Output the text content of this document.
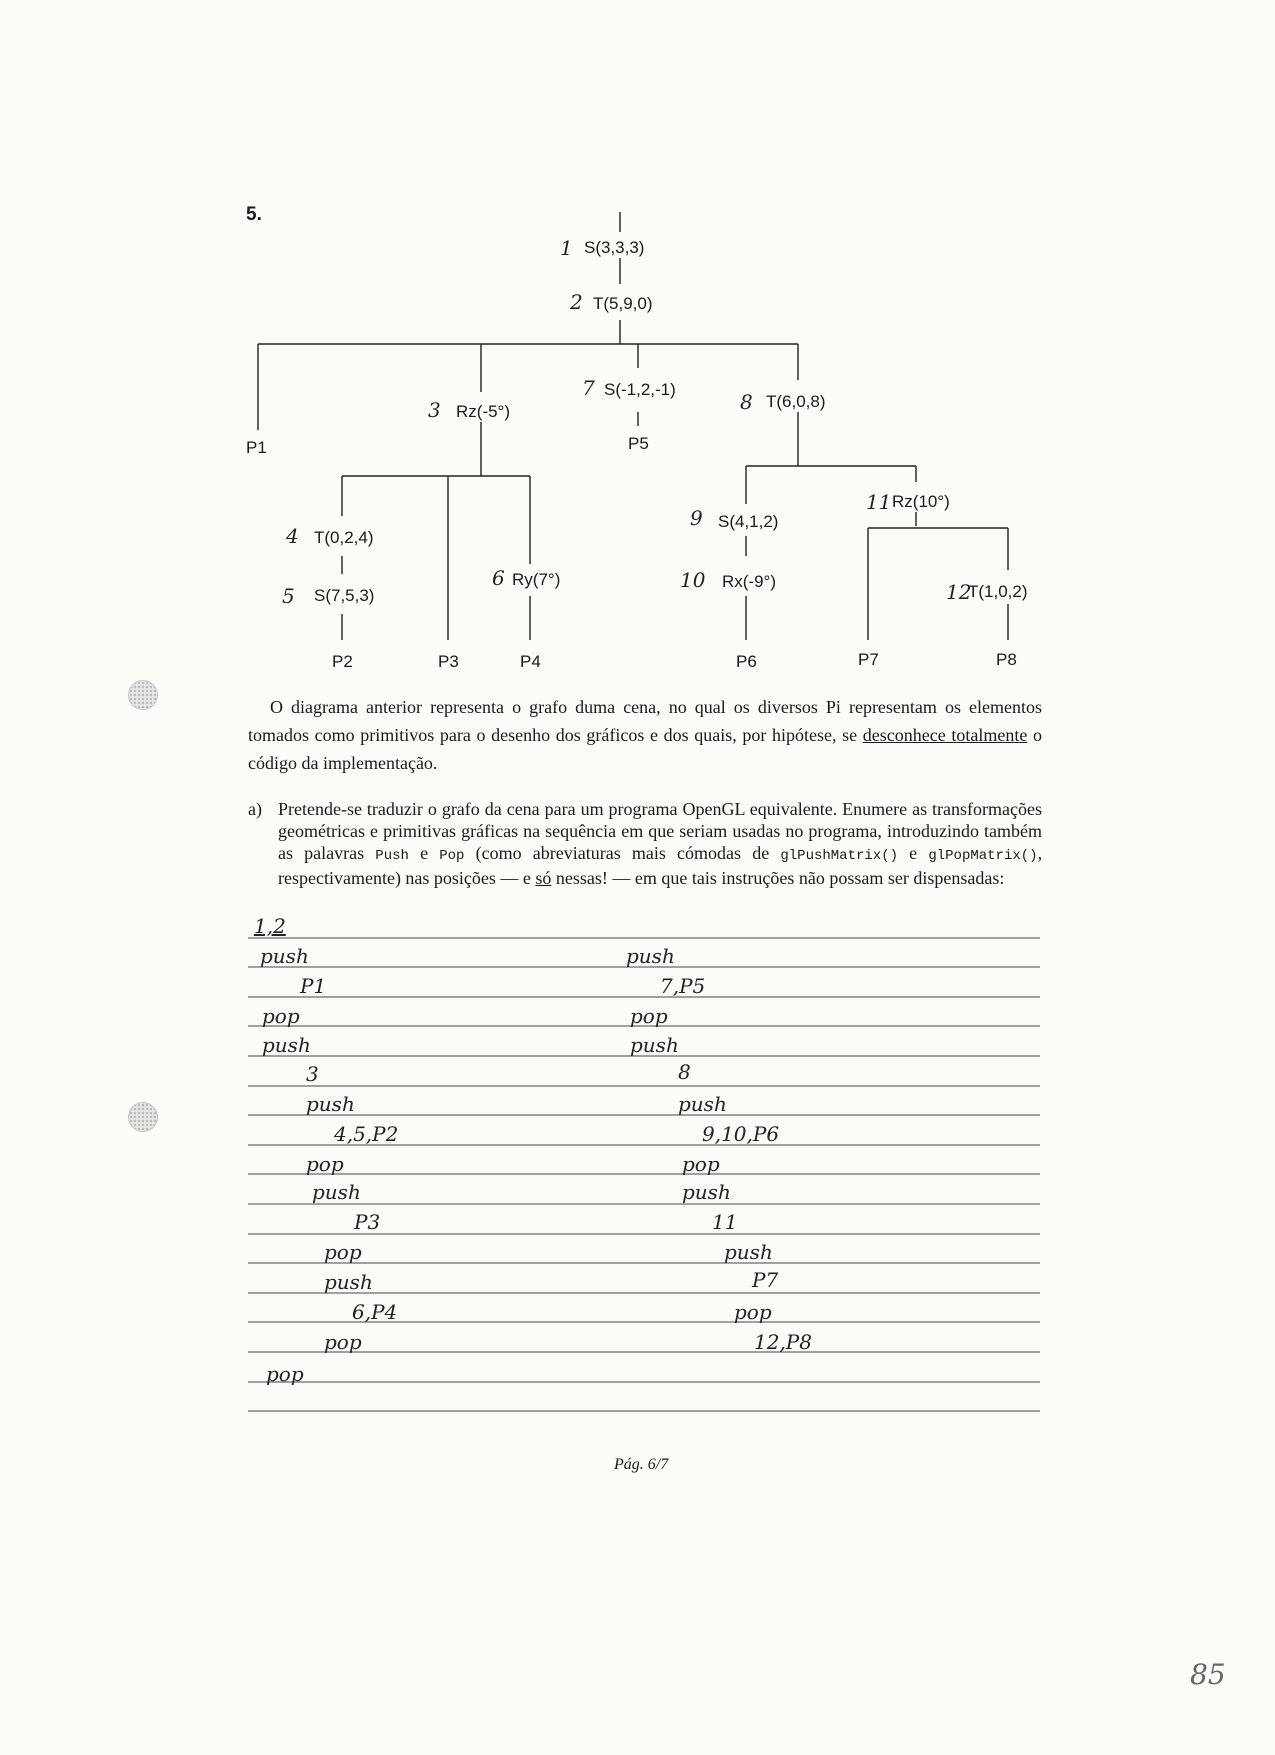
5.
1 S(3,3,3)
2 T(5,9,0)
3 Rz(-5°)
7 S(-1,2,-1)
8 T(6,0,8)
4 T(0,2,4)
5 S(7,5,3)
6 Ry(7°)
9 S(4,1,2)
10 Rx(-9°)
11 Rz(10°)
12
T(1,0,2)
P1	P5
P2	P3	P4	P6	P7	P8

O diagrama anterior representa o grafo duma cena, no qual os diversos Pi representam os elementos tomados como primitivos para o desenho dos gráficos e dos quais, por hipótese, se desconhece totalmente o código da implementação.

a) Pretende-se traduzir o grafo da cena para um programa OpenGL equivalente. Enumere as transformações geométricas e primitivas gráficas na sequência em que seriam usadas no programa, introduzindo também as palavras Push e Pop (como abreviaturas mais cómodas de glPushMatrix() e glPopMatrix(), respectivamente) nas posições — e só nessas! — em que tais instruções não possam ser dispensadas:

1,2
push
P1
pop
push
3
push
4,5,P2
pop
push
P3
pop
push
6,P4
pop
pop
push
7,P5
pop
push
8
push
9,10,P6
pop
push
11
push
P7
pop
12,P8
Pág. 6/7
85
